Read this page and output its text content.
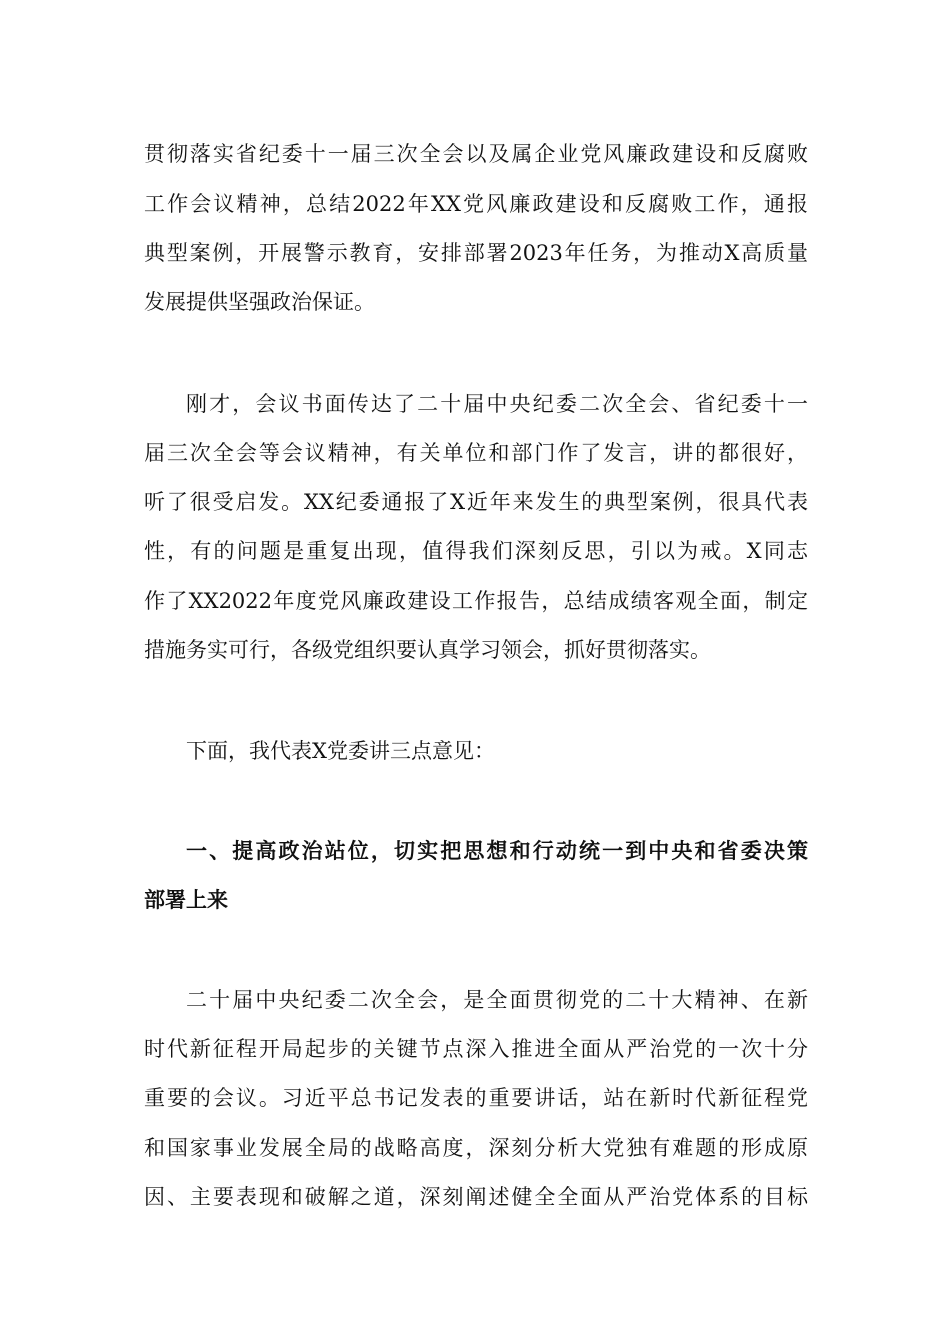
贯彻落实省纪委十一届三次全会以及属企业党风廉政建设和反腐败
工作会议精神，总结2022年XX党风廉政建设和反腐败工作，通报
典型案例，开展警示教育，安排部署2023年任务，为推动X高质量
发展提供坚强政治保证。
刚才，会议书面传达了二十届中央纪委二次全会、省纪委十一
届三次全会等会议精神，有关单位和部门作了发言，讲的都很好，
听了很受启发。XX纪委通报了X近年来发生的典型案例，很具代表
性，有的问题是重复出现，值得我们深刻反思，引以为戒。X同志
作了XX2022年度党风廉政建设工作报告，总结成绩客观全面，制定
措施务实可行，各级党组织要认真学习领会，抓好贯彻落实。
下面，我代表X党委讲三点意见：
一、提高政治站位，切实把思想和行动统一到中央和省委决策
部署上来
二十届中央纪委二次全会，是全面贯彻党的二十大精神、在新
时代新征程开局起步的关键节点深入推进全面从严治党的一次十分
重要的会议。习近平总书记发表的重要讲话，站在新时代新征程党
和国家事业发展全局的战略高度，深刻分析大党独有难题的形成原
因、主要表现和破解之道，深刻阐述健全全面从严治党体系的目标
